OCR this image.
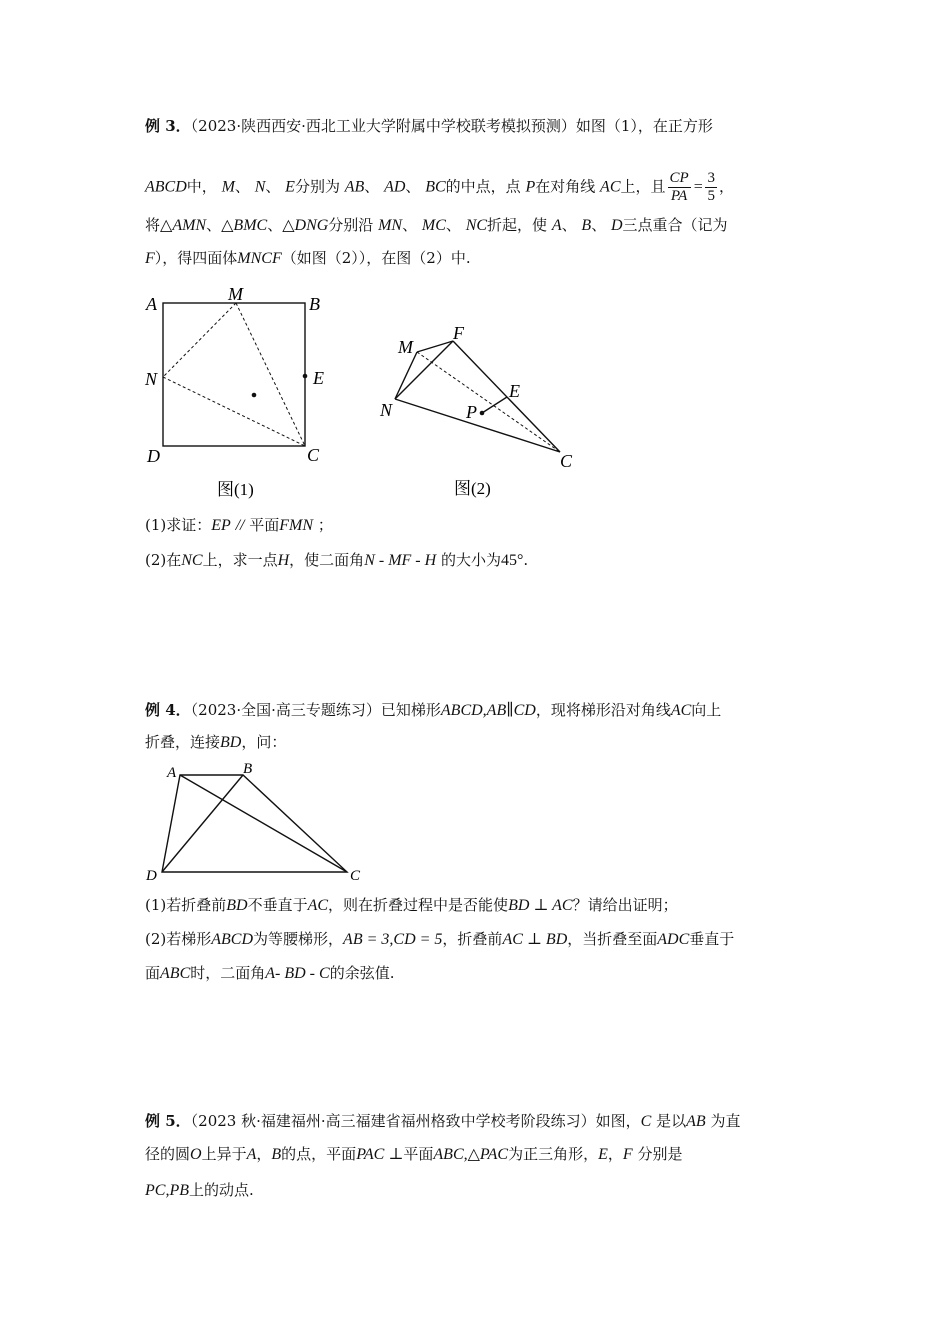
例 3．（2023·陕西西安·西北工业大学附属中学校联考模拟预测）如图（1），在正方形
ABCD中， M、 N、 E分别为 AB、 AD、 BC的中点，点 P在对角线 AC上，且 $\frac{CP}{PA} = \frac{3}{5}$ ，
将△AMN、△BMC、△DNG分别沿 MN、 MC、 NC折起，使 A、 B、 D三点重合（记为
F），得四面体MNCF（如图（2）），在图（2）中.
A	M	B
N	E
D	C
图(1)
M
F
E
N	P
C
图(2)
(1)求证：EP // 平面FMN ；
(2)在NC上，求一点H，使二面角N - MF - H 的大小为45°.
例 4．（2023·全国·高三专题练习）已知梯形ABCD,AB∥CD，现将梯形沿对角线AC向上
折叠，连接BD，问：
A	B
D	C
(1)若折叠前BD不垂直于AC，则在折叠过程中是否能使BD ⊥ AC？请给出证明；
(2)若梯形ABCD为等腰梯形，AB = 3,CD = 5，折叠前AC ⊥ BD，当折叠至面ADC垂直于
面ABC时，二面角A- BD - C的余弦值.
例 5．（2023 秋·福建福州·高三福建省福州格致中学校考阶段练习）如图，C 是以AB 为直
径的圆O上异于A，B的点，平面PAC ⊥平面ABC,△PAC为正三角形，E，F 分别是
PC,PB上的动点.
